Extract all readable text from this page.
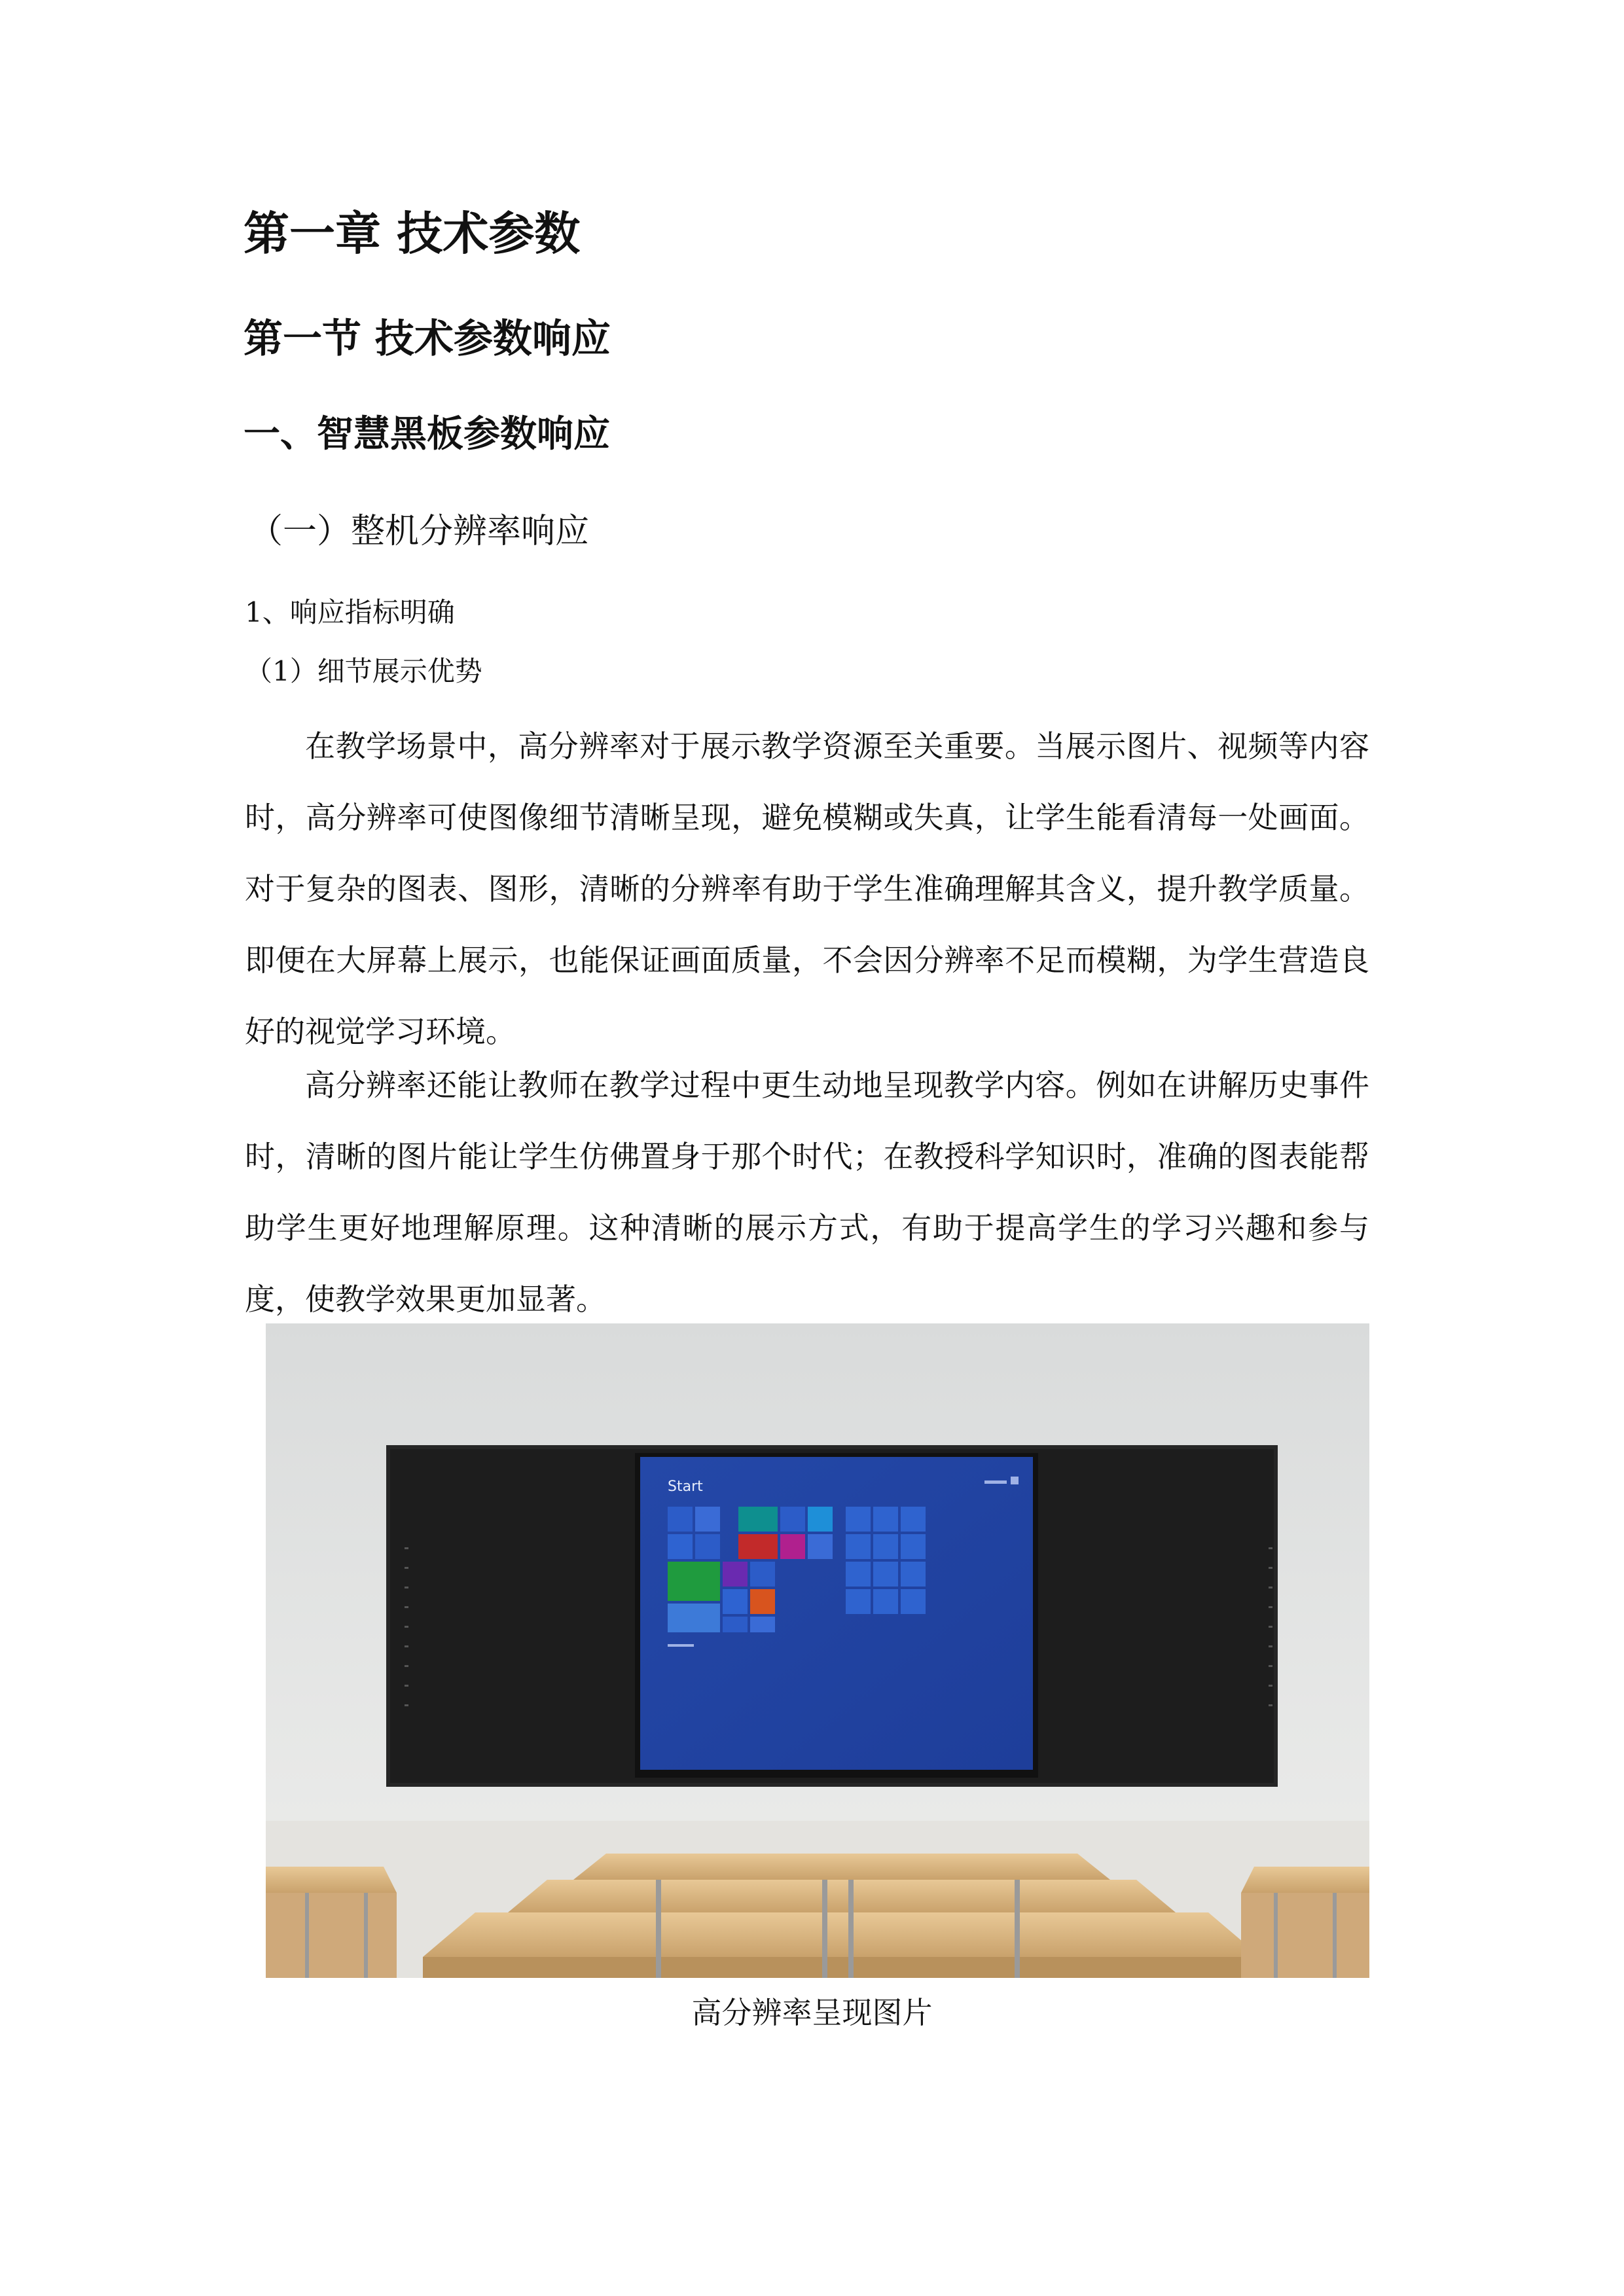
第一章 技术参数
第一节 技术参数响应
一、智慧黑板参数响应
（一）整机分辨率响应
1、响应指标明确
（1）细节展示优势

在教学场景中，高分辨率对于展示教学资源至关重要。当展示图片、视频等内容时，高分辨率可使图像细节清晰呈现，避免模糊或失真，让学生能看清每一处画面。对于复杂的图表、图形，清晰的分辨率有助于学生准确理解其含义，提升教学质量。即便在大屏幕上展示，也能保证画面质量，不会因分辨率不足而模糊，为学生营造良好的视觉学习环境。

高分辨率还能让教师在教学过程中更生动地呈现教学内容。例如在讲解历史事件时，清晰的图片能让学生仿佛置身于那个时代；在教授科学知识时，准确的图表能帮助学生更好地理解原理。这种清晰的展示方式，有助于提高学生的学习兴趣和参与度，使教学效果更加显著。

Start
高分辨率呈现图片
